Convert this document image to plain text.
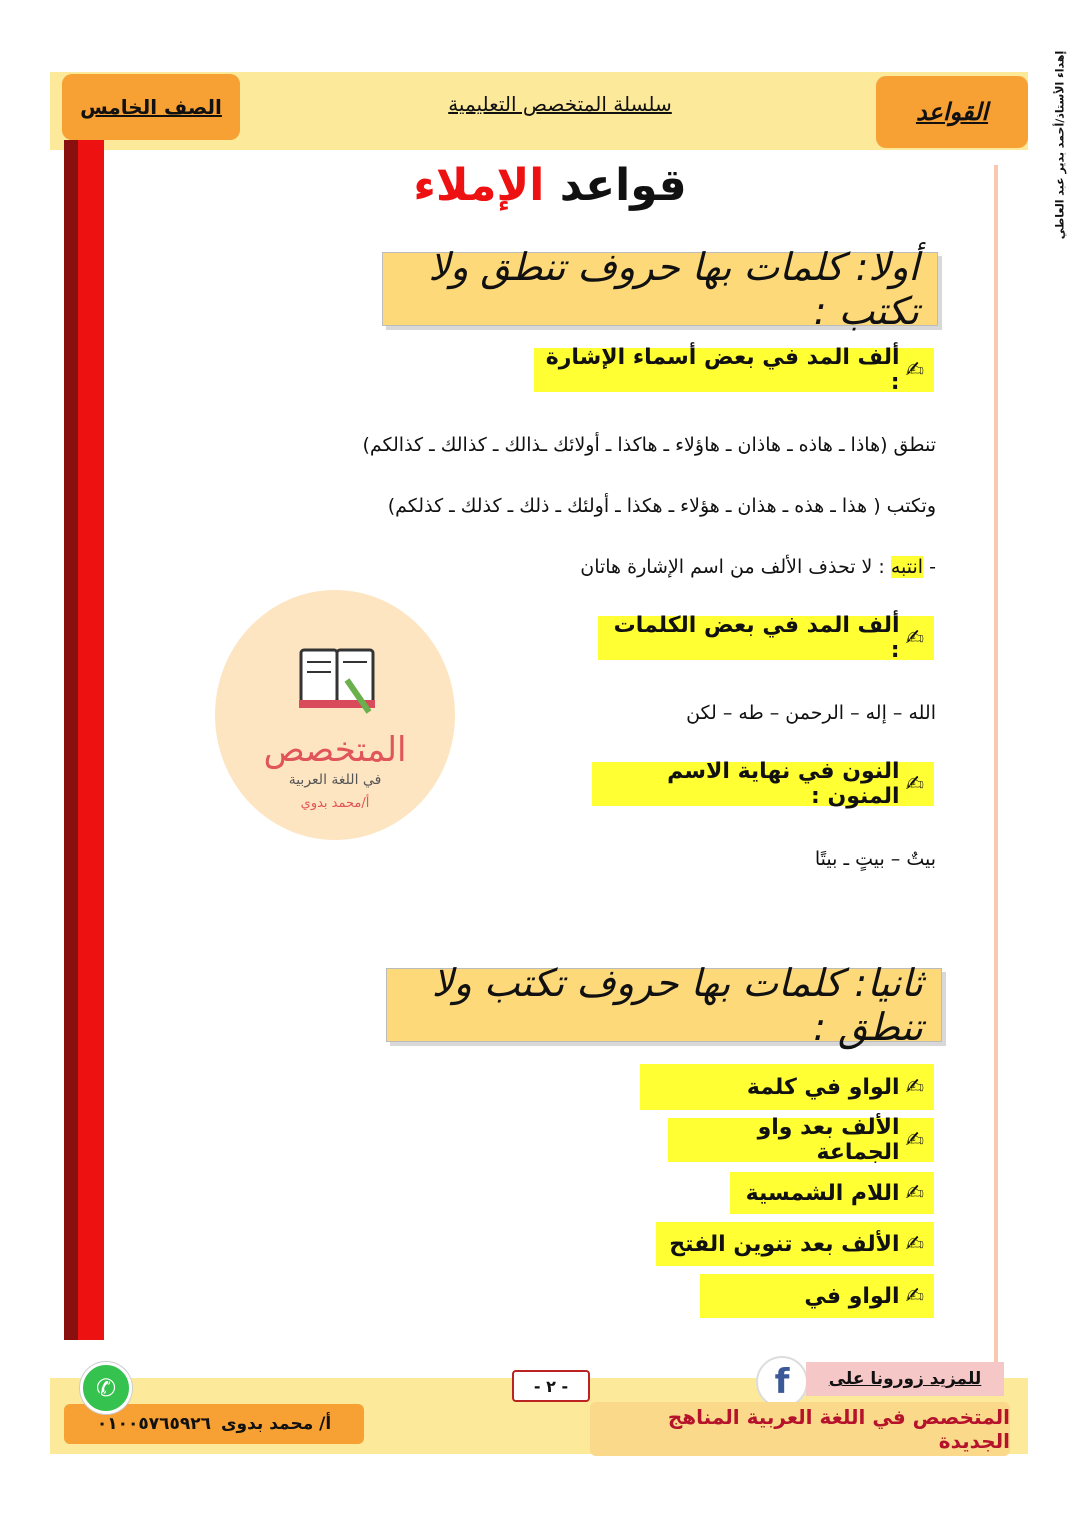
الصف الخامس	سلسلة المتخصص التعليمية	القواعد	إهداء الأستاذ/أحمد بدير عبد العاطي
قواعد الإملاء
أولا: كلمات بها حروف تنطق ولا تكتب :
✍
ألف المد في بعض أسماء الإشارة :
تنطق (هاذا ـ هاذه ـ هاذان ـ هاؤلاء ـ هاكذا ـ أولائك ـذالك ـ كذالك ـ كذالكم)
وتكتب ( هذا ـ هذه ـ هذان ـ هؤلاء ـ هكذا ـ أولئك ـ ذلك ـ كذلك ـ كذلكم)
- انتبه : لا تحذف الألف من اسم الإشارة هاتان
✍
ألف المد في بعض الكلمات :
الله – إله – الرحمن – طه – لكن
✍
النون في نهاية الاسم المنون :
بيتٌ – بيتٍ ـ بيتًا
المتخصص
في اللغة العربية
أ/محمد بدوي
ثانيا: كلمات بها حروف تكتب ولا تنطق :
✍
الواو في كلمة
✍
الألف بعد واو الجماعة
✍
اللام الشمسية
✍
الألف بعد تنوين الفتح
✍
الواو في
أ/ محمد بدوى
٠١٠٠٥٧٦٥٩٢٦
✆	- ٢ -	f	للمزيد زورونا على
المتخصص في اللغة العربية المناهج الجديدة
